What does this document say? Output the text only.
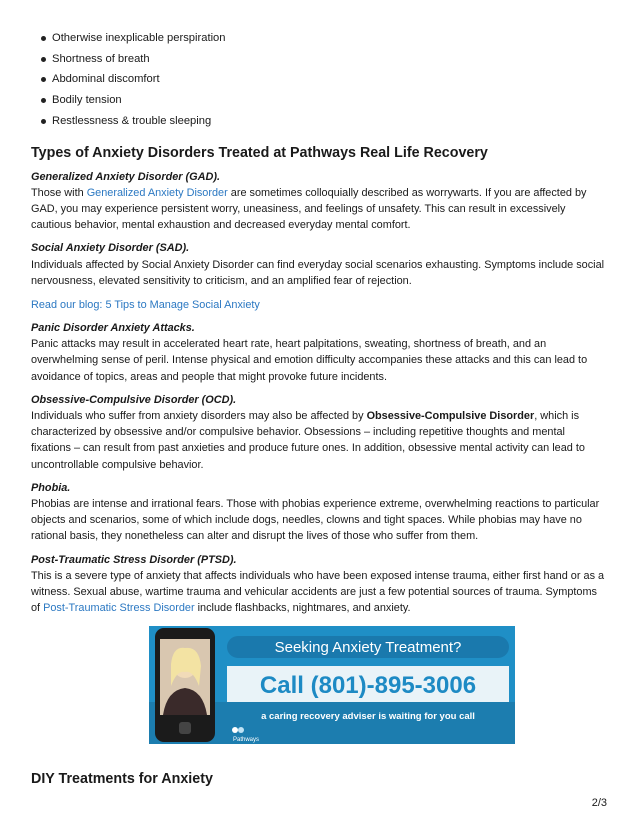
Otherwise inexplicable perspiration
Shortness of breath
Abdominal discomfort
Bodily tension
Restlessness & trouble sleeping
Types of Anxiety Disorders Treated at Pathways Real Life Recovery
Generalized Anxiety Disorder (GAD).

Those with Generalized Anxiety Disorder are sometimes colloquially described as worrywarts. If you are affected by GAD, you may experience persistent worry, uneasiness, and feelings of unsafety. This can result in excessively cautious behavior, mental exhaustion and decreased everyday mental comfort.

Social Anxiety Disorder (SAD).

Individuals affected by Social Anxiety Disorder can find everyday social scenarios exhausting. Symptoms include social nervousness, elevated sensitivity to criticism, and an amplified fear of rejection.

Read our blog: 5 Tips to Manage Social Anxiety
Panic Disorder Anxiety Attacks.

Panic attacks may result in accelerated heart rate, heart palpitations, sweating, shortness of breath, and an overwhelming sense of peril. Intense physical and emotion difficulty accompanies these attacks and this can lead to avoidance of topics, areas and people that might provoke future incidents.

Obsessive-Compulsive Disorder (OCD).

Individuals who suffer from anxiety disorders may also be affected by Obsessive-Compulsive Disorder, which is characterized by obsessive and/or compulsive behavior. Obsessions – including repetitive thoughts and mental fixations – can result from past anxieties and produce future ones. In addition, obsessive mental activity can lead to uncontrollable compulsive behavior.

Phobia.

Phobias are intense and irrational fears. Those with phobias experience extreme, overwhelming reactions to particular objects and scenarios, some of which include dogs, needles, clowns and tight spaces. While phobias may have no rational basis, they nonetheless can alter and disrupt the lives of those who suffer from them.

Post-Traumatic Stress Disorder (PTSD).

This is a severe type of anxiety that affects individuals who have been exposed intense trauma, either first hand or as a witness. Sexual abuse, wartime trauma and vehicular accidents are just a few potential sources of trauma. Symptoms of Post-Traumatic Stress Disorder include flashbacks, nightmares, and anxiety.

Seeking Anxiety Treatment?
Call (801)-895-3006
a caring recovery adviser is waiting for you call
Pathways
DIY Treatments for Anxiety
2/3
